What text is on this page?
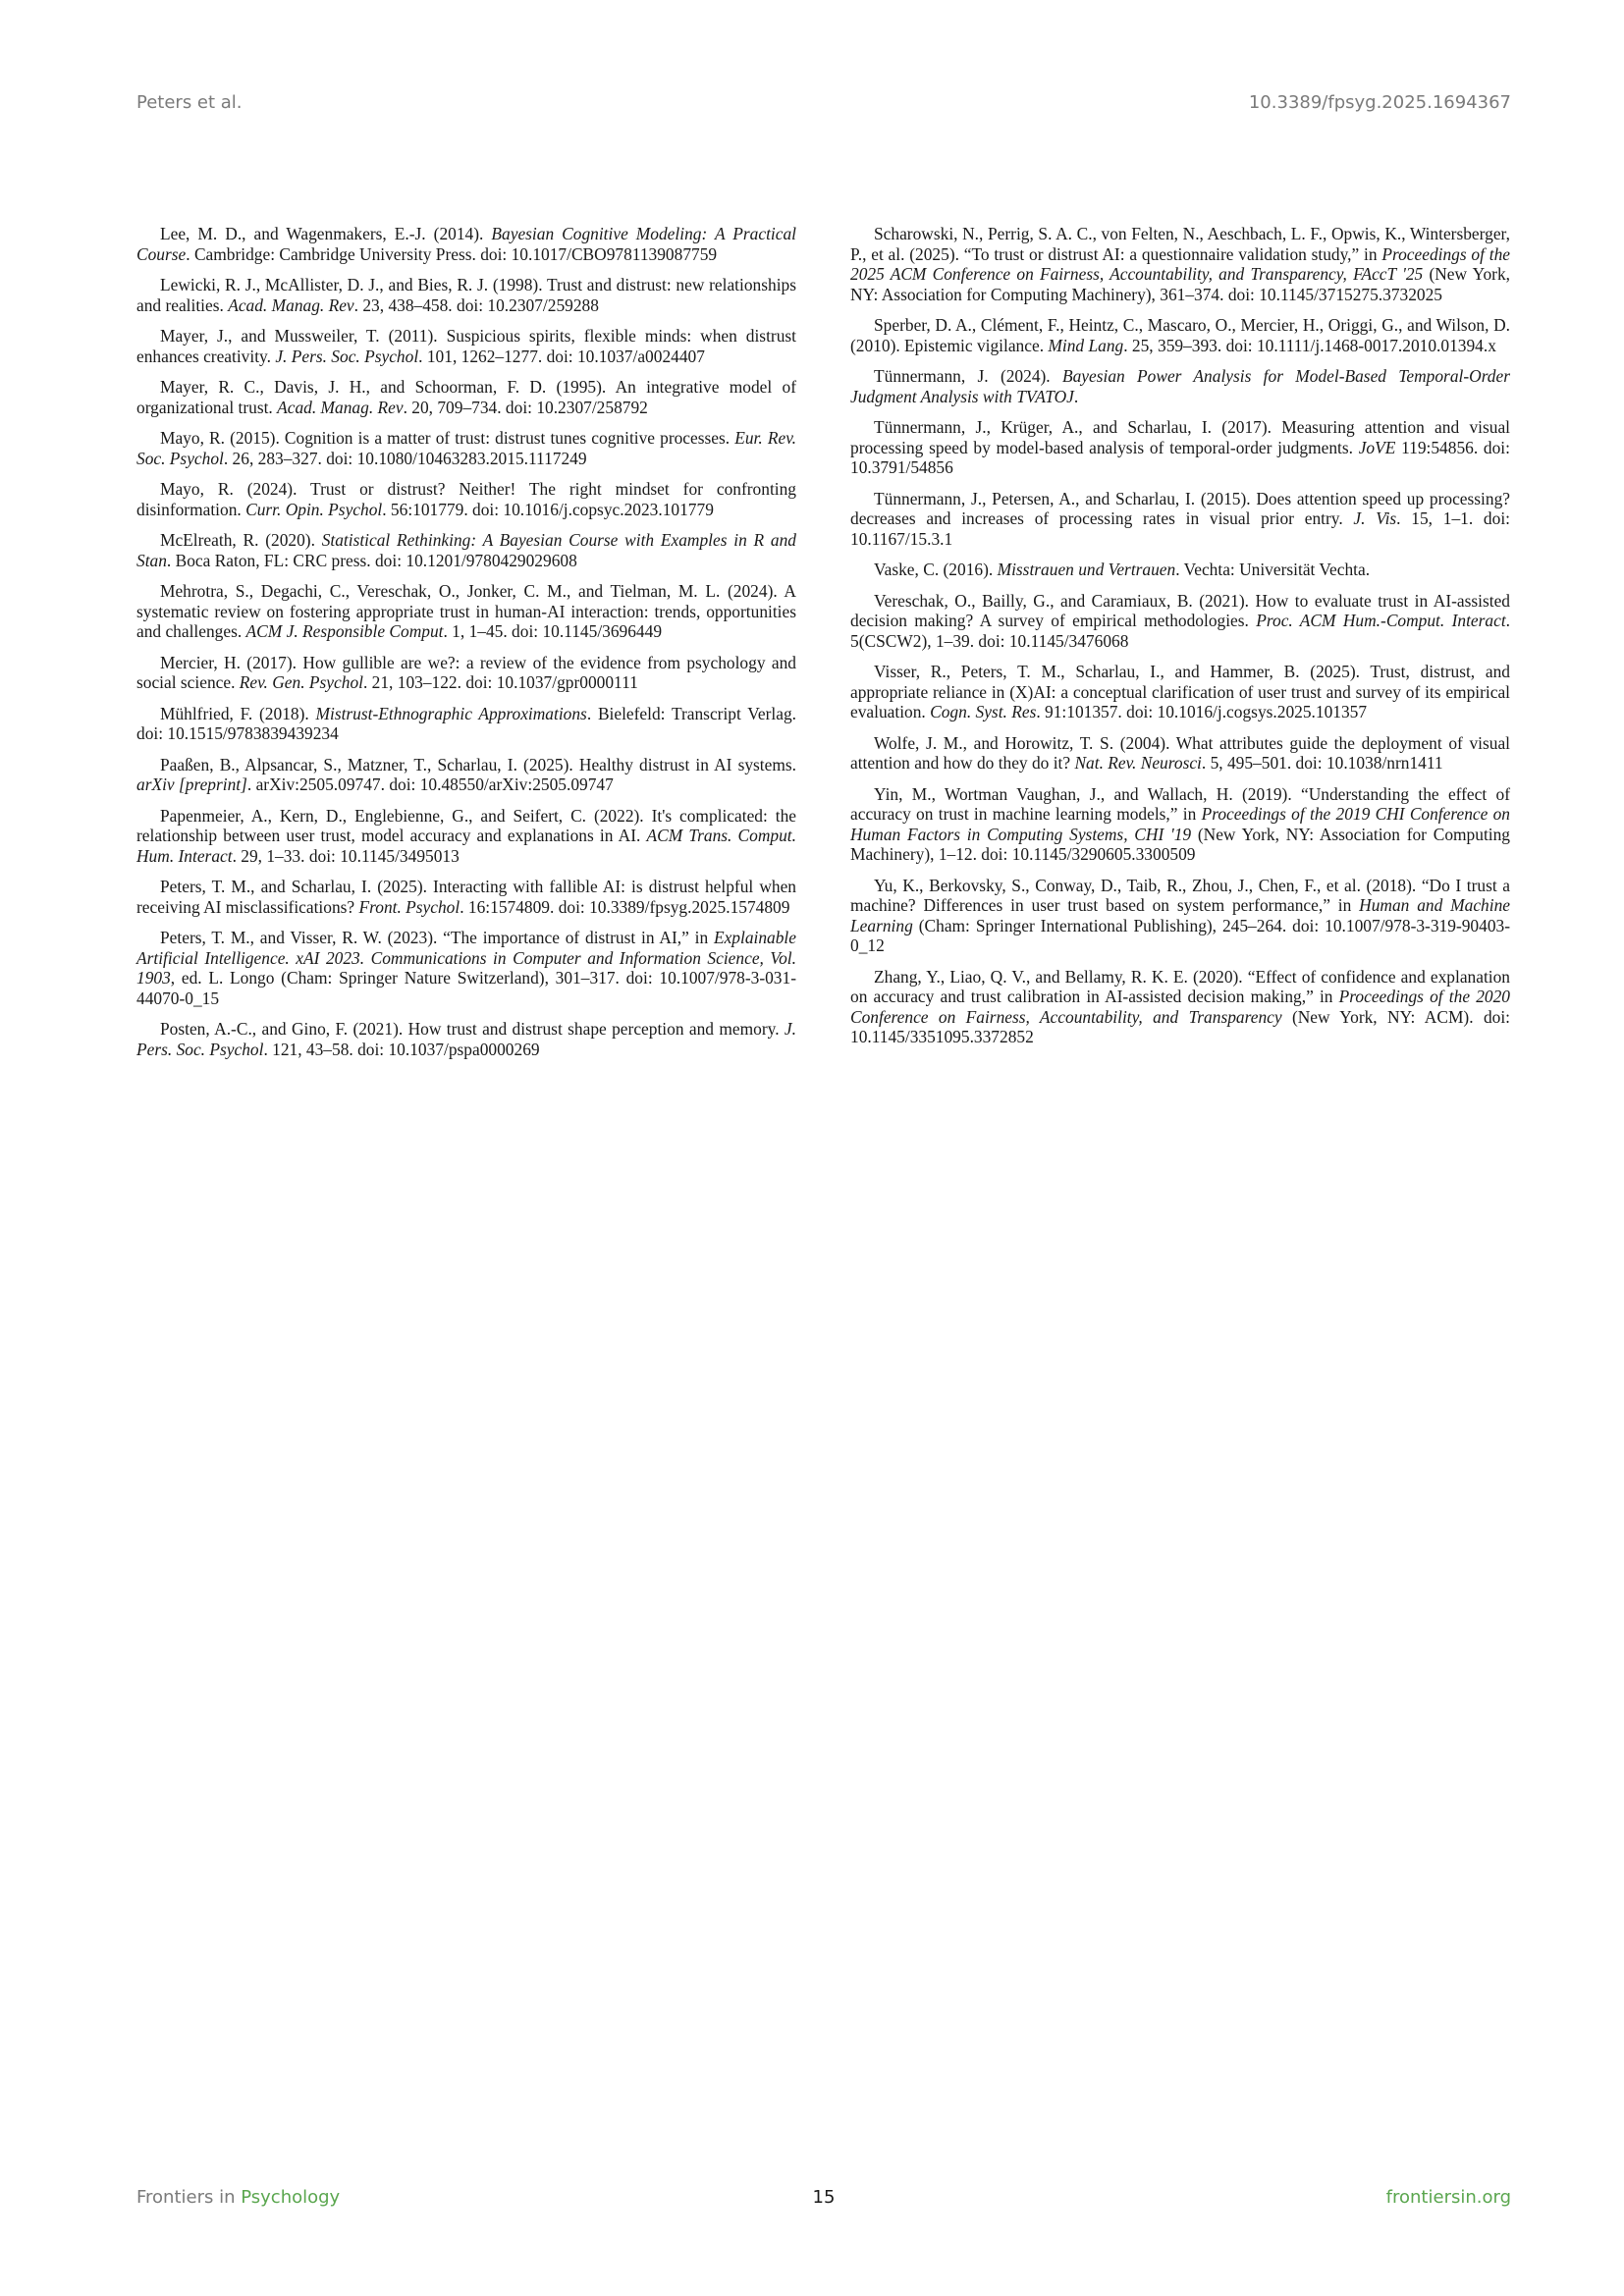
Peters et al.	10.3389/fpsyg.2025.1694367

Lee, M. D., and Wagenmakers, E.-J. (2014). Bayesian Cognitive Modeling: A Practical Course. Cambridge: Cambridge University Press. doi: 10.1017/CBO9781139087759

Lewicki, R. J., McAllister, D. J., and Bies, R. J. (1998). Trust and distrust: new relationships and realities. Acad. Manag. Rev. 23, 438–458. doi: 10.2307/259288

Mayer, J., and Mussweiler, T. (2011). Suspicious spirits, flexible minds: when distrust enhances creativity. J. Pers. Soc. Psychol. 101, 1262–1277. doi: 10.1037/a0024407

Mayer, R. C., Davis, J. H., and Schoorman, F. D. (1995). An integrative model of organizational trust. Acad. Manag. Rev. 20, 709–734. doi: 10.2307/258792

Mayo, R. (2015). Cognition is a matter of trust: distrust tunes cognitive processes. Eur. Rev. Soc. Psychol. 26, 283–327. doi: 10.1080/10463283.2015.1117249

Mayo, R. (2024). Trust or distrust? Neither! The right mindset for confronting disinformation. Curr. Opin. Psychol. 56:101779. doi: 10.1016/j.copsyc.2023.101779

McElreath, R. (2020). Statistical Rethinking: A Bayesian Course with Examples in R and Stan. Boca Raton, FL: CRC press. doi: 10.1201/9780429029608

Mehrotra, S., Degachi, C., Vereschak, O., Jonker, C. M., and Tielman, M. L. (2024). A systematic review on fostering appropriate trust in human-AI interaction: trends, opportunities and challenges. ACM J. Responsible Comput. 1, 1–45. doi: 10.1145/3696449

Mercier, H. (2017). How gullible are we?: a review of the evidence from psychology and social science. Rev. Gen. Psychol. 21, 103–122. doi: 10.1037/gpr0000111

Mühlfried, F. (2018). Mistrust-Ethnographic Approximations. Bielefeld: Transcript Verlag. doi: 10.1515/9783839439234

Paaßen, B., Alpsancar, S., Matzner, T., Scharlau, I. (2025). Healthy distrust in AI systems. arXiv [preprint]. arXiv:2505.09747. doi: 10.48550/arXiv:2505.09747

Papenmeier, A., Kern, D., Englebienne, G., and Seifert, C. (2022). It's complicated: the relationship between user trust, model accuracy and explanations in AI. ACM Trans. Comput. Hum. Interact. 29, 1–33. doi: 10.1145/3495013

Peters, T. M., and Scharlau, I. (2025). Interacting with fallible AI: is distrust helpful when receiving AI misclassifications? Front. Psychol. 16:1574809. doi: 10.3389/fpsyg.2025.1574809

Peters, T. M., and Visser, R. W. (2023). “The importance of distrust in AI,” in Explainable Artificial Intelligence. xAI 2023. Communications in Computer and Information Science, Vol. 1903, ed. L. Longo (Cham: Springer Nature Switzerland), 301–317. doi: 10.1007/978-3-031-44070-0_15

Posten, A.-C., and Gino, F. (2021). How trust and distrust shape perception and memory. J. Pers. Soc. Psychol. 121, 43–58. doi: 10.1037/pspa0000269

Scharowski, N., Perrig, S. A. C., von Felten, N., Aeschbach, L. F., Opwis, K., Wintersberger, P., et al. (2025). “To trust or distrust AI: a questionnaire validation study,” in Proceedings of the 2025 ACM Conference on Fairness, Accountability, and Transparency, FAccT '25 (New York, NY: Association for Computing Machinery), 361–374. doi: 10.1145/3715275.3732025

Sperber, D. A., Clément, F., Heintz, C., Mascaro, O., Mercier, H., Origgi, G., and Wilson, D. (2010). Epistemic vigilance. Mind Lang. 25, 359–393. doi: 10.1111/j.1468-0017.2010.01394.x

Tünnermann, J. (2024). Bayesian Power Analysis for Model-Based Temporal-Order Judgment Analysis with TVATOJ.

Tünnermann, J., Krüger, A., and Scharlau, I. (2017). Measuring attention and visual processing speed by model-based analysis of temporal-order judgments. JoVE 119:54856. doi: 10.3791/54856

Tünnermann, J., Petersen, A., and Scharlau, I. (2015). Does attention speed up processing? decreases and increases of processing rates in visual prior entry. J. Vis. 15, 1–1. doi: 10.1167/15.3.1

Vaske, C. (2016). Misstrauen und Vertrauen. Vechta: Universität Vechta.

Vereschak, O., Bailly, G., and Caramiaux, B. (2021). How to evaluate trust in AI-assisted decision making? A survey of empirical methodologies. Proc. ACM Hum.-Comput. Interact. 5(CSCW2), 1–39. doi: 10.1145/3476068

Visser, R., Peters, T. M., Scharlau, I., and Hammer, B. (2025). Trust, distrust, and appropriate reliance in (X)AI: a conceptual clarification of user trust and survey of its empirical evaluation. Cogn. Syst. Res. 91:101357. doi: 10.1016/j.cogsys.2025.101357

Wolfe, J. M., and Horowitz, T. S. (2004). What attributes guide the deployment of visual attention and how do they do it? Nat. Rev. Neurosci. 5, 495–501. doi: 10.1038/nrn1411

Yin, M., Wortman Vaughan, J., and Wallach, H. (2019). “Understanding the effect of accuracy on trust in machine learning models,” in Proceedings of the 2019 CHI Conference on Human Factors in Computing Systems, CHI '19 (New York, NY: Association for Computing Machinery), 1–12. doi: 10.1145/3290605.3300509

Yu, K., Berkovsky, S., Conway, D., Taib, R., Zhou, J., Chen, F., et al. (2018). “Do I trust a machine? Differences in user trust based on system performance,” in Human and Machine Learning (Cham: Springer International Publishing), 245–264. doi: 10.1007/978-3-319-90403-0_12

Zhang, Y., Liao, Q. V., and Bellamy, R. K. E. (2020). “Effect of confidence and explanation on accuracy and trust calibration in AI-assisted decision making,” in Proceedings of the 2020 Conference on Fairness, Accountability, and Transparency (New York, NY: ACM). doi: 10.1145/3351095.3372852

Frontiers in Psychology	15	frontiersin.org
